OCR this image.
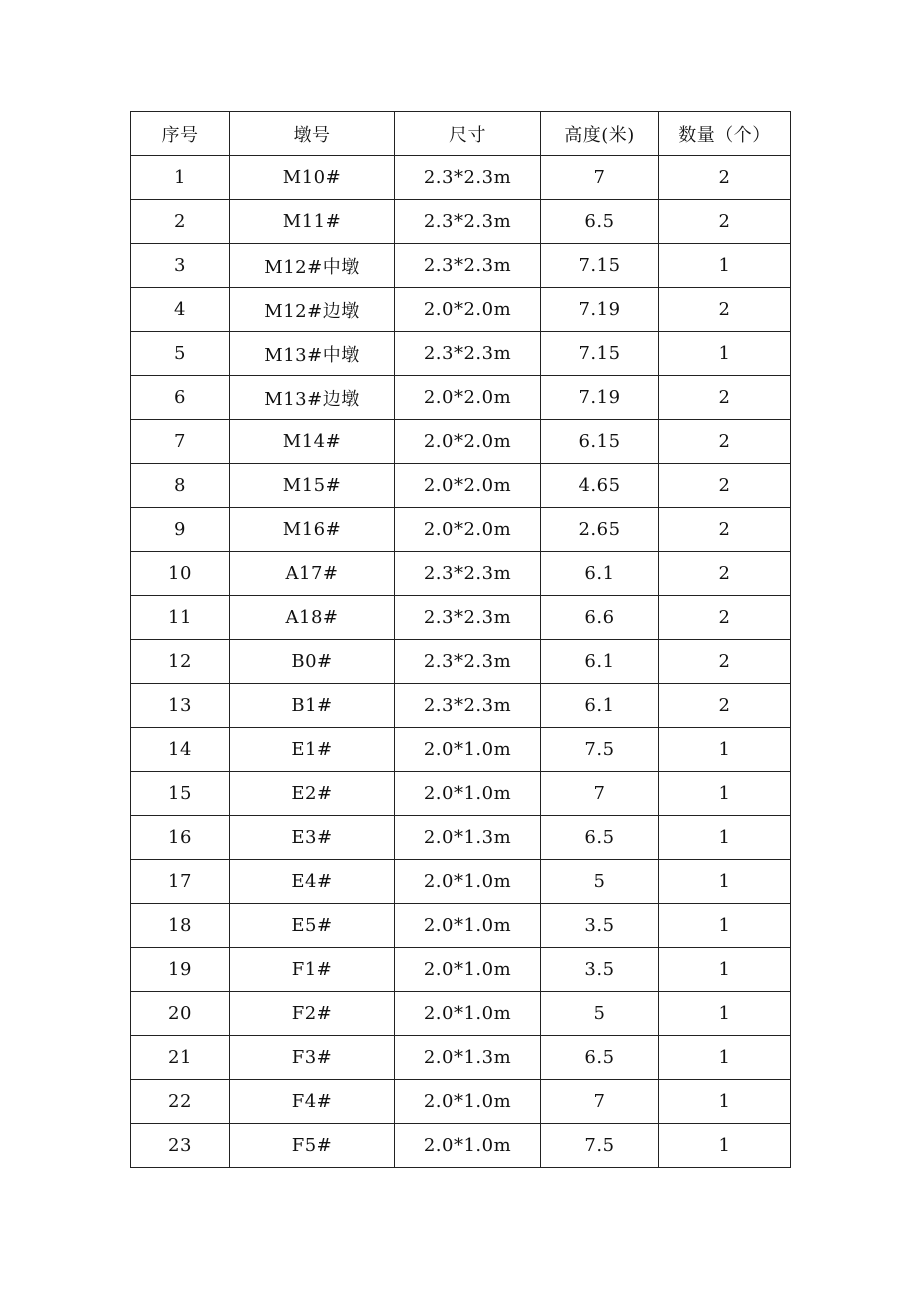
序号	墩号	尺寸	高度(米)	数量（个）
1	M10#	2.3*2.3m	7	2
2	M11#	2.3*2.3m	6.5	2
3	M12#中墩	2.3*2.3m	7.15	1
4	M12#边墩	2.0*2.0m	7.19	2
5	M13#中墩	2.3*2.3m	7.15	1
6	M13#边墩	2.0*2.0m	7.19	2
7	M14#	2.0*2.0m	6.15	2
8	M15#	2.0*2.0m	4.65	2
9	M16#	2.0*2.0m	2.65	2
10	A17#	2.3*2.3m	6.1	2
11	A18#	2.3*2.3m	6.6	2
12	B0#	2.3*2.3m	6.1	2
13	B1#	2.3*2.3m	6.1	2
14	E1#	2.0*1.0m	7.5	1
15	E2#	2.0*1.0m	7	1
16	E3#	2.0*1.3m	6.5	1
17	E4#	2.0*1.0m	5	1
18	E5#	2.0*1.0m	3.5	1
19	F1#	2.0*1.0m	3.5	1
20	F2#	2.0*1.0m	5	1
21	F3#	2.0*1.3m	6.5	1
22	F4#	2.0*1.0m	7	1
23	F5#	2.0*1.0m	7.5	1
